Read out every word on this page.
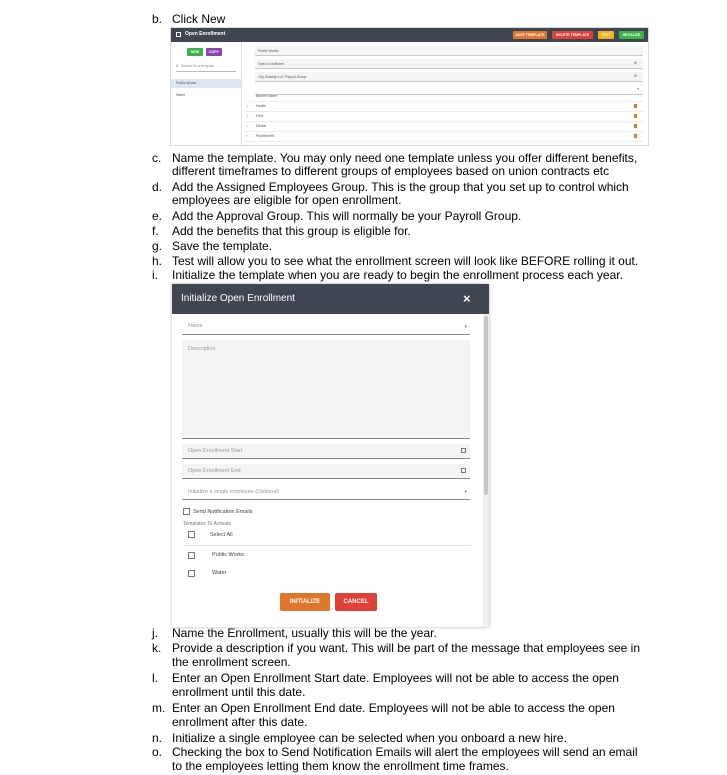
b. Click New
Open Enrollment	SAVE TEMPLATE	DELETE TEMPLATE	TEST	INITIALIZE
NEW	COPY
⚲ Search for a template
Public Works
Water
Public Works
Open Enrollment	⚙
City Solarity LLC Payroll Group	⚙
▾
Benefit Name
↕ Health
↕ HSA
↕ Dental
↕ PlanBenefit
c. Name the template. You may only need one template unless you offer different benefits,
different timeframes to different groups of employees based on union contracts etc
d. Add the Assigned Employees Group. This is the group that you set up to control which
employees are eligible for open enrollment.
e. Add the Approval Group. This will normally be your Payroll Group.
f.	Add the benefits that this group is eligible for.
g. Save the template.
h. Test will allow you to see what the enrollment screen will look like BEFORE rolling it out.
i.	Initialize the template when you are ready to begin the enrollment process each year.
Initialize Open Enrollment	×
Name	▾
Description
Open Enrollment Start
Open Enrollment End
Initialize a single employee (Optional)	▾
Send Notification Emails
Templates To Activate
Select All
Public Works
Water
INITIALIZE	CANCEL
j.	Name the Enrollment, usually this will be the year.
k. Provide a description if you want. This will be part of the message that employees see in
the enrollment screen.
l.	Enter an Open Enrollment Start date. Employees will not be able to access the open
enrollment until this date.
m. Enter an Open Enrollment End date. Employees will not be able to access the open
enrollment after this date.
n. Initialize a single employee can be selected when you onboard a new hire.
o. Checking the box to Send Notification Emails will alert the employees will send an email
to the employees letting them know the enrollment time frames.
